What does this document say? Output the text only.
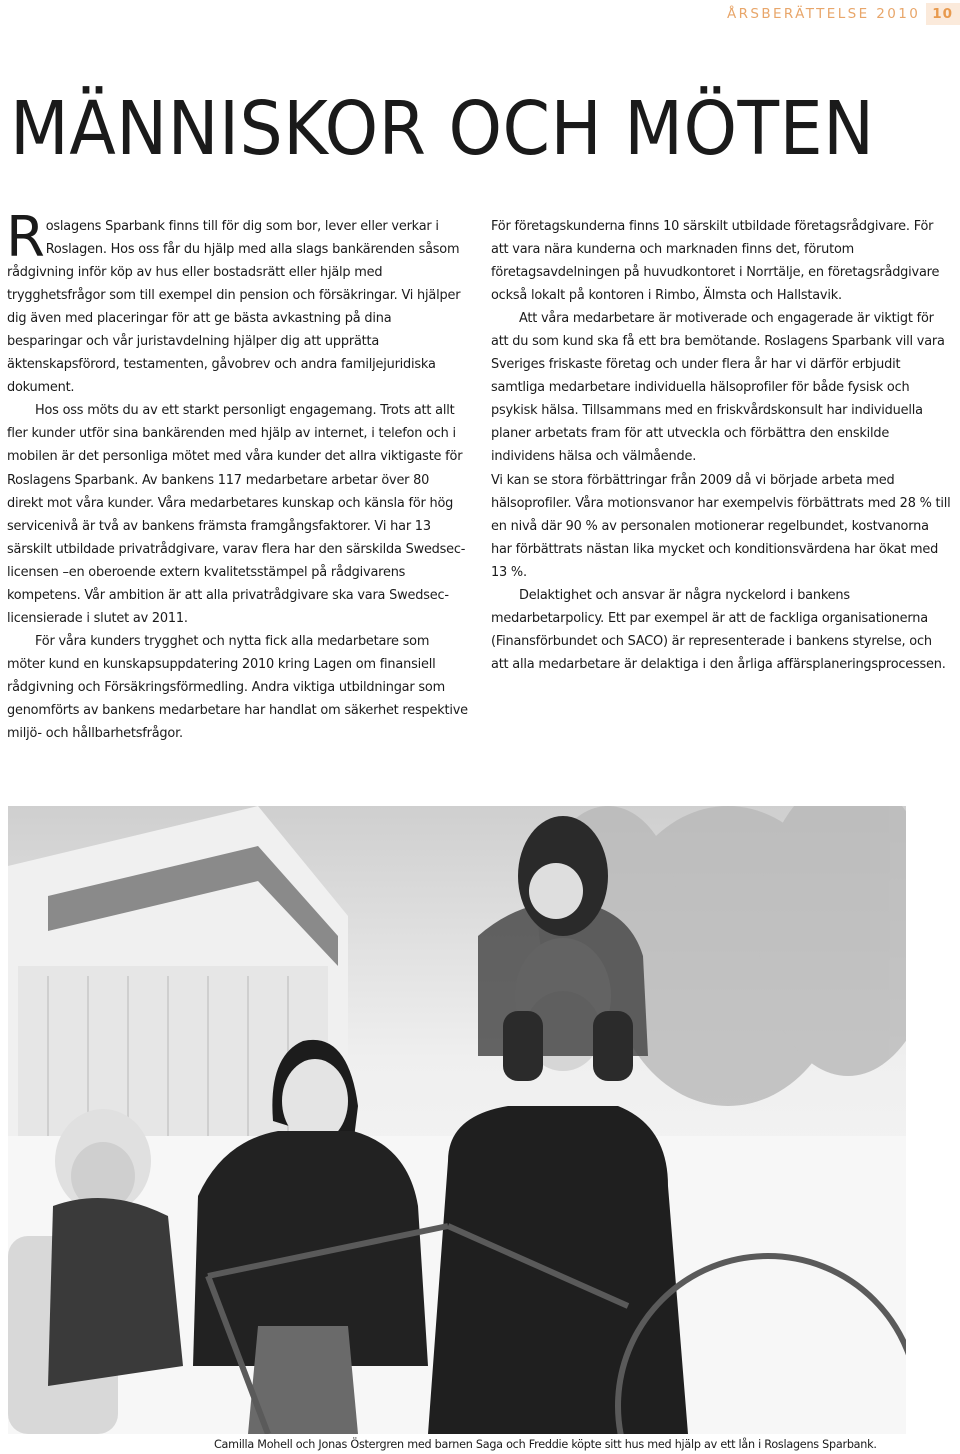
ÅRSBERÄTTELSE 2010 10
MÄNNISKOR OCH MÖTEN

Roslagens Sparbank finns till för dig som bor, lever eller verkar i Roslagen. Hos oss får du hjälp med alla slags bankärenden såsom rådgivning inför köp av hus eller bostadsrätt eller hjälp med trygghetsfrågor som till exempel din pension och försäkringar. Vi hjälper dig även med placeringar för att ge bästa avkastning på dina besparingar och vår juristavdelning hjälper dig att upprätta äktenskapsförord, testamenten, gåvobrev och andra familjejuridiska dokument.

Hos oss möts du av ett starkt personligt engagemang. Trots att allt fler kunder utför sina bankärenden med hjälp av internet, i telefon och i mobilen är det personliga mötet med våra kunder det allra viktigaste för Roslagens Sparbank. Av bankens 117 medarbetare arbetar över 80 direkt mot våra kunder. Våra medarbetares kunskap och känsla för hög servicenivå är två av bankens främsta framgångsfaktorer. Vi har 13 särskilt utbildade privatrådgivare, varav flera har den särskilda Swedsec-licensen –en oberoende extern kvalitetsstämpel på rådgivarens kompetens. Vår ambition är att alla privatrådgivare ska vara Swedsec-licensierade i slutet av 2011.

För våra kunders trygghet och nytta fick alla medarbetare som möter kund en kunskapsuppdatering 2010 kring Lagen om finansiell rådgivning och Försäkringsförmedling. Andra viktiga utbildningar som genomförts av bankens medarbetare har handlat om säkerhet respektive miljö- och hållbarhetsfrågor.

För företagskunderna finns 10 särskilt utbildade företagsrådgivare. För att vara nära kunderna och marknaden finns det, förutom företagsavdelningen på huvudkontoret i Norrtälje, en företagsrådgivare också lokalt på kontoren i Rimbo, Älmsta och Hallstavik.

Att våra medarbetare är motiverade och engagerade är viktigt för att du som kund ska få ett bra bemötande. Roslagens Sparbank vill vara Sveriges friskaste företag och under flera år har vi därför erbjudit samtliga medarbetare individuella hälsoprofiler för både fysisk och psykisk hälsa. Tillsammans med en friskvårdskonsult har individuella planer arbetats fram för att utveckla och förbättra den enskilde individens hälsa och välmående.

Vi kan se stora förbättringar från 2009 då vi började arbeta med hälsoprofiler. Våra motionsvanor har exempelvis förbättrats med 28 % till en nivå där 90 % av personalen motionerar regelbundet, kostvanorna har förbättrats nästan lika mycket och konditionsvärdena har ökat med 13 %.

Delaktighet och ansvar är några nyckelord i bankens medarbetarpolicy. Ett par exempel är att de fackliga organisationerna (Finansförbundet och SACO) är representerade i bankens styrelse, och att alla medarbetare är delaktiga i den årliga affärsplaneringsprocessen.

Camilla Mohell och Jonas Östergren med barnen Saga och Freddie köpte sitt hus med hjälp av ett lån i Roslagens Sparbank.
